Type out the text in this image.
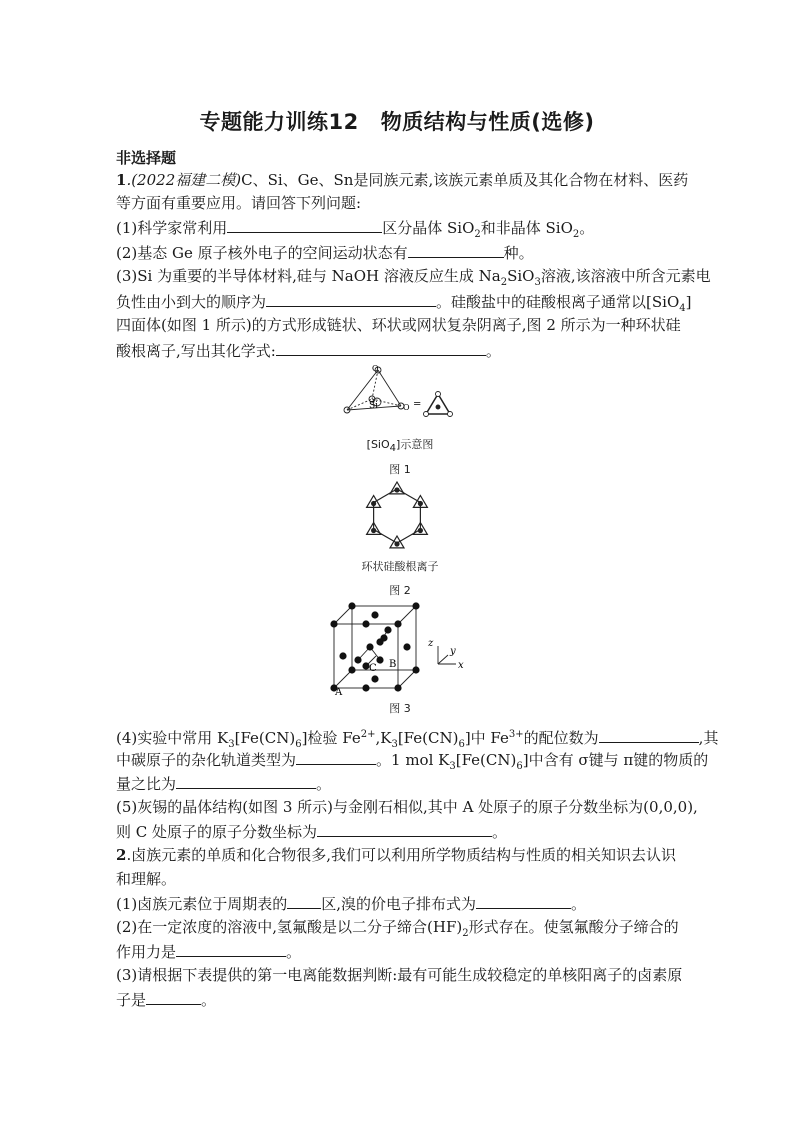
专题能力训练12 物质结构与性质(选修)
非选择题
1.(2022福建二模)C、Si、Ge、Sn是同族元素,该族元素单质及其化合物在材料、医药
等方面有重要应用。请回答下列问题:
(1)科学家常利用	区分晶体 SiO$_2$和非晶体 SiO$_2$。
(2)基态 Ge 原子核外电子的空间运动状态有	种。
(3)Si 为重要的半导体材料,硅与 NaOH 溶液反应生成 $Na_2SiO_3$溶液,该溶液中所含元素电
负性由小到大的顺序为	。硅酸盐中的硅酸根离子通常以[SiO$_4$]
四面体(如图 1 所示)的方式形成链状、环状或网状复杂阴离子,图 2 所示为一种环状硅
酸根离子,写出其化学式:	。
O
Si	O =
[SiO$_4$]示意图
图 1
环状硅酸根离子
图 2
A
B
C	x
y
z
图 3
(4)实验中常用 $K_3[Fe(CN)_6]$检验 $Fe^{2+},K_3[Fe(CN)_6]$中 $Fe^{3+}$的配位数为	,其
中碳原子的杂化轨道类型为	。1 mol $K_3[Fe(CN)_6]$中含有 σ键与 π键的物质的
量之比为	。
(5)灰锡的晶体结构(如图 3 所示)与金刚石相似,其中 A 处原子的原子分数坐标为(0,0,0),
则 C 处原子的原子分数坐标为	。
2.卤族元素的单质和化合物很多,我们可以利用所学物质结构与性质的相关知识去认识
和理解。
(1)卤族元素位于周期表的 区,溴的价电子排布式为	。
(2)在一定浓度的溶液中,氢氟酸是以二分子缔合$(HF)_2$形式存在。使氢氟酸分子缔合的
作用力是	。
(3)请根据下表提供的第一电离能数据判断:最有可能生成较稳定的单核阳离子的卤素原
子是	。
